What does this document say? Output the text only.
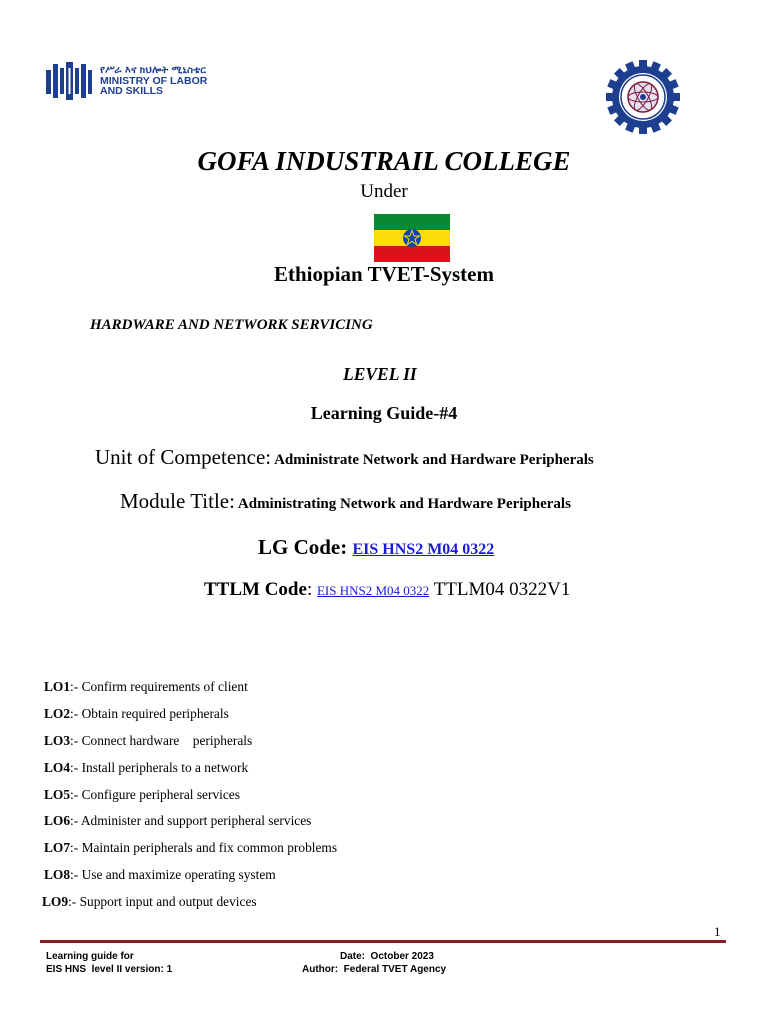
የሥራ እና ክህሎት ሚኒስቴር
MINISTRY OF LABOR
AND SKILLS
GOFA INDUSTRAIL COLLEGE
Under
Ethiopian TVET-System
HARDWARE AND NETWORK SERVICING
LEVEL II
Learning Guide-#4
Unit of Competence: Administrate Network and Hardware Peripherals
Module Title: Administrating Network and Hardware Peripherals
LG Code: EIS HNS2 M04 0322
TTLM Code: EIS HNS2 M04 0322 TTLM04 0322V1
LO1:- Confirm requirements of client
LO2:- Obtain required peripherals
LO3:- Connect hardware    peripherals
LO4:- Install peripherals to a network
LO5:- Configure peripheral services
LO6:- Administer and support peripheral services
LO7:- Maintain peripherals and fix common problems
LO8:- Use and maximize operating system
LO9:- Support input and output devices
1
Learning guide for
EIS HNS  level II version: 1
Date:  October 2023
Author:  Federal TVET Agency
